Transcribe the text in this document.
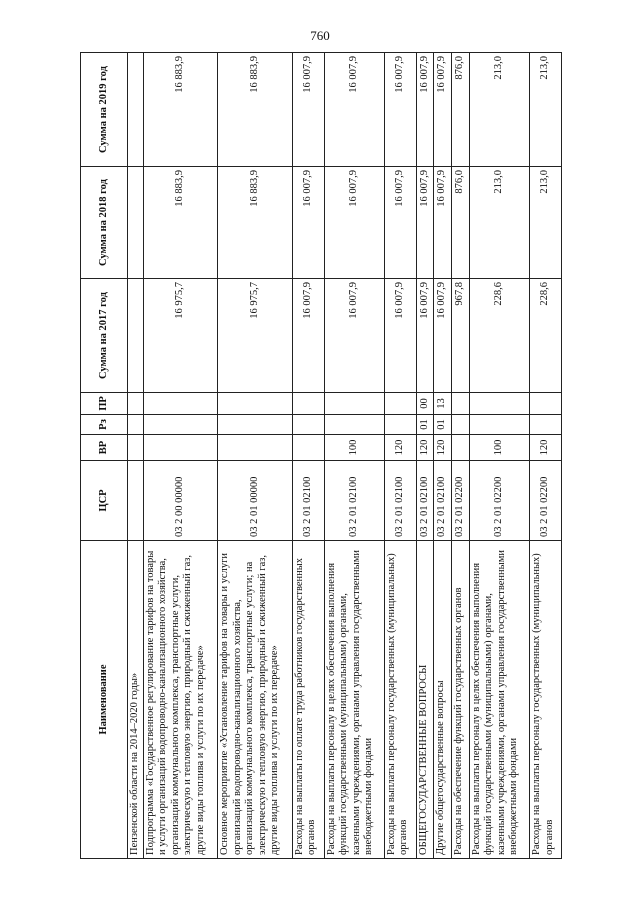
760
Наименование	ЦСР	ВР	Рз	ПР	Сумма на 2017 год	Сумма на 2018 год	Сумма на 2019 год
Пензенской области на 2014–2020 годы»							
Подпрограмма «Государственное регулирование тарифов на товары и услуги организаций водопроводно-канализационного хозяйства, организаций коммунального комплекса, транспортные услуги, электрическую и тепловую энергию, природный и сжиженный газ, другие виды топлива и услуги по их передаче»	03 2 00 00000				16 975,7	16 883,9	16 883,9
Основное мероприятие «Установление тарифов на товары и услуги организаций водопроводно-канализационного хозяйства, организаций коммунального комплекса, транспортные услуги; на электрическую и тепловую энергию, природный и сжиженный газ, другие виды топлива и услуги по их передаче»	03 2 01 00000				16 975,7	16 883,9	16 883,9
Расходы на выплаты по оплате труда работников государственных органов	03 2 01 02100				16 007,9	16 007,9	16 007,9
Расходы на выплаты персоналу в целях обеспечения выполнения функций государственными (муниципальными) органами, казенными учреждениями, органами управления государственными внебюджетными фондами	03 2 01 02100	100			16 007,9	16 007,9	16 007,9
Расходы на выплаты персоналу государственных (муниципальных) органов	03 2 01 02100	120			16 007,9	16 007,9	16 007,9
ОБЩЕГОСУДАРСТВЕННЫЕ ВОПРОСЫ	03 2 01 02100	120	01	00	16 007,9	16 007,9	16 007,9
Другие общегосударственные вопросы	03 2 01 02100	120	01	13	16 007,9	16 007,9	16 007,9
Расходы на обеспечение функций государственных органов	03 2 01 02200				967,8	876,0	876,0
Расходы на выплаты персоналу в целях обеспечения выполнения функций государственными (муниципальными) органами, казенными учреждениями, органами управления государственными внебюджетными фондами	03 2 01 02200	100			228,6	213,0	213,0
Расходы на выплаты персоналу государственных (муниципальных) органов	03 2 01 02200	120			228,6	213,0	213,0
